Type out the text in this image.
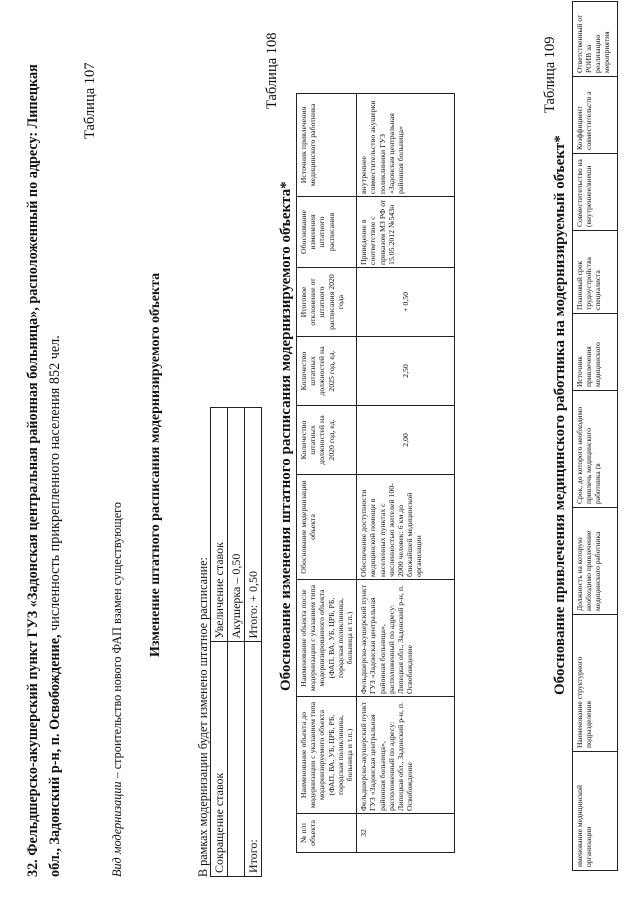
32. Фельдшерско-акушерский пункт ГУЗ «Задонская центральная районная больница», расположенный по адресу: Липецкая обл., Задонский р-н, п. Освобождение, численность прикрепленного населения 852 чел.
Таблица 107
Вид модернизации – строительство нового ФАП взамен существующего Изменение штатного расписания модернизируемого объекта
В рамках модернизации будет изменено штатное расписание: Сокращение ставок	Увеличение ставок
	Акушерка – 0,50
Итого:	Итого: + 0,50
Таблица 108
Обоснование изменения штатного расписания модернизируемого объекта*
№ п/п объекта	Наименование объекта до модернизации с указанием типа модернизируемого объекта (ФАП, ВА, УБ, ЦРБ, РБ, городская поликлиника, больница и т.п.)	Наименование объекта после модернизации с указанием типа модернизированного объекта (ФАП, ВА, УБ, ЦРБ, РБ, городская поликлиника, больница и т.п.)	Обоснование модернизации объекта	Количество штатных должностей на 2020 год, ед.	Количество штатных должностей на 2025 год, ед.	Итоговое отклонение от штатного расписания 2020 года	Обоснование изменения штатного расписания	Источник привлечения медицинского работника
32	Фельдшерско-акушерский пункт ГУЗ «Задонская центральная районная больница», расположенный по адресу: Липецкая обл., Задонский р-н, п. Освобождение	Фельдшерско-акушерский пункт ГУЗ «Задонская центральная районная больница», расположенный по адресу: Липецкая обл., Задонский р-н, п. Освобождение	Обеспечение доступности медицинской помощи в населенных пунктах с численностью жителей 100-2000 человек: 6 км до ближайшей медицинской организации	2,00	2,50	+ 0,50	Приведение в соответствие с приказом МЗ РФ от 15.05.2012 №543н	внутреннее совместительство акушерки поликлиники ГУЗ «Задонская центральная районная больница»
Таблица 109
Обоснование привлечения медицинского работника на модернизируемый объект*
именование медицинской организации	Наименование структурного подразделения	Должность на которую необходимо привлечение медицинского работника	Срок, до которого необходимо привлечь медицинского работника (в	Источник привлечения медицинского	Плановый срок трудоустройства специалиста	Совместительство на (внутреннее/внешн	Коэффициент совместительств а	Ответственный от РОИВ за реализацию мероприятия
